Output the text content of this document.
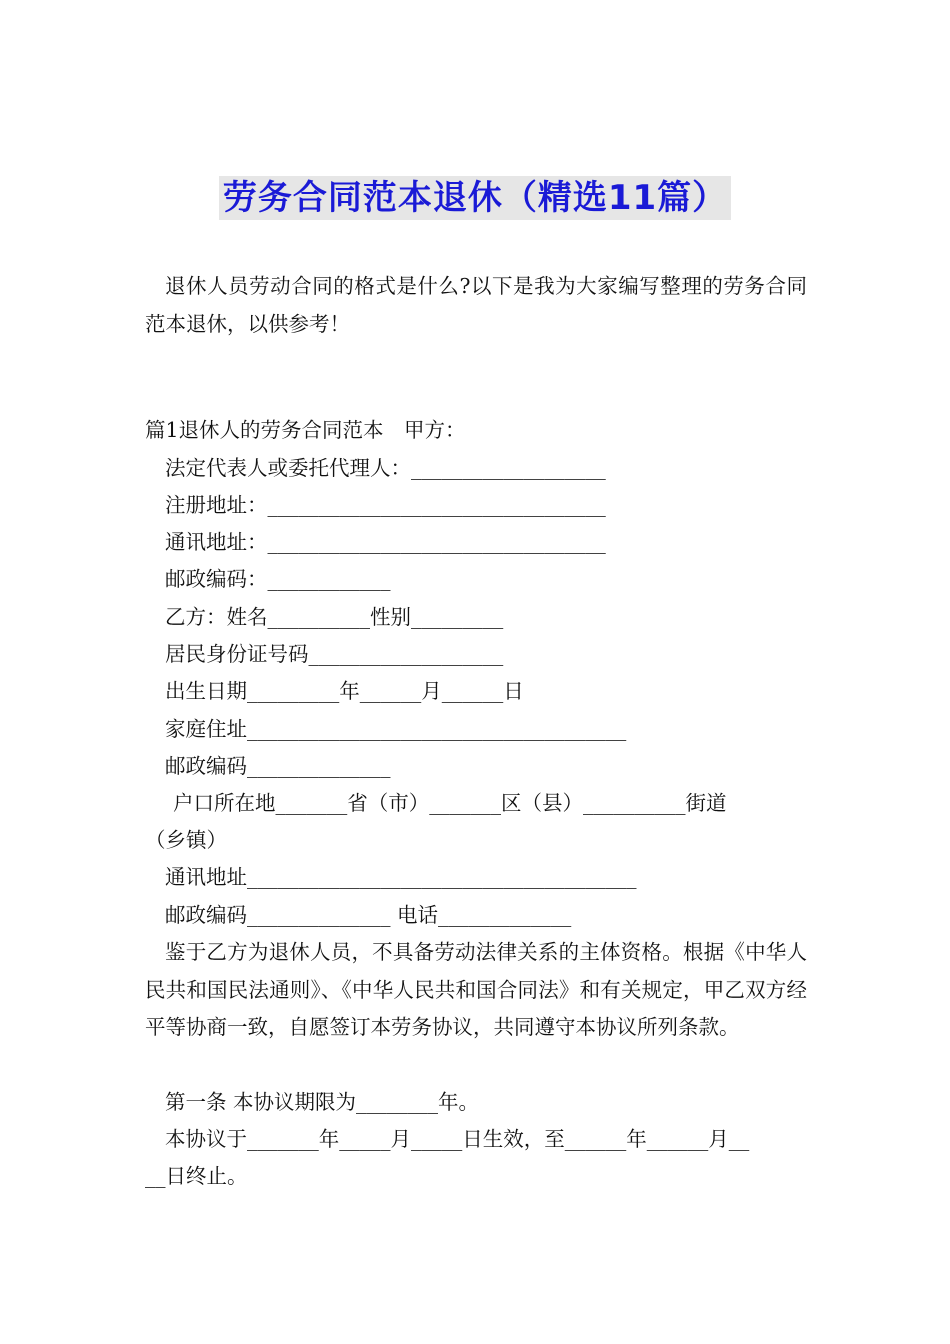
劳务合同范本退休（精选11篇）
退休人员劳动合同的格式是什么?以下是我为大家编写整理的劳务合同范本退休，以供参考！
篇1退休人的劳务合同范本　甲方：
法定代表人或委托代理人：___________________
注册地址：_________________________________
通讯地址：_________________________________
邮政编码：____________
乙方：姓名__________性别_________
居民身份证号码___________________
出生日期_________年______月______日
家庭住址_____________________________________
邮政编码______________
户口所在地_______省（市）_______区（县）__________街道
（乡镇）
通讯地址______________________________________
邮政编码______________ 电话_____________
鉴于乙方为退休人员，不具备劳动法律关系的主体资格。根据《中华人民共和国民法通则》、《中华人民共和国合同法》和有关规定，甲乙双方经平等协商一致，自愿签订本劳务协议，共同遵守本协议所列条款。
第一条 本协议期限为________年。
本协议于_______年_____月_____日生效，至______年______月__
__日终止。
